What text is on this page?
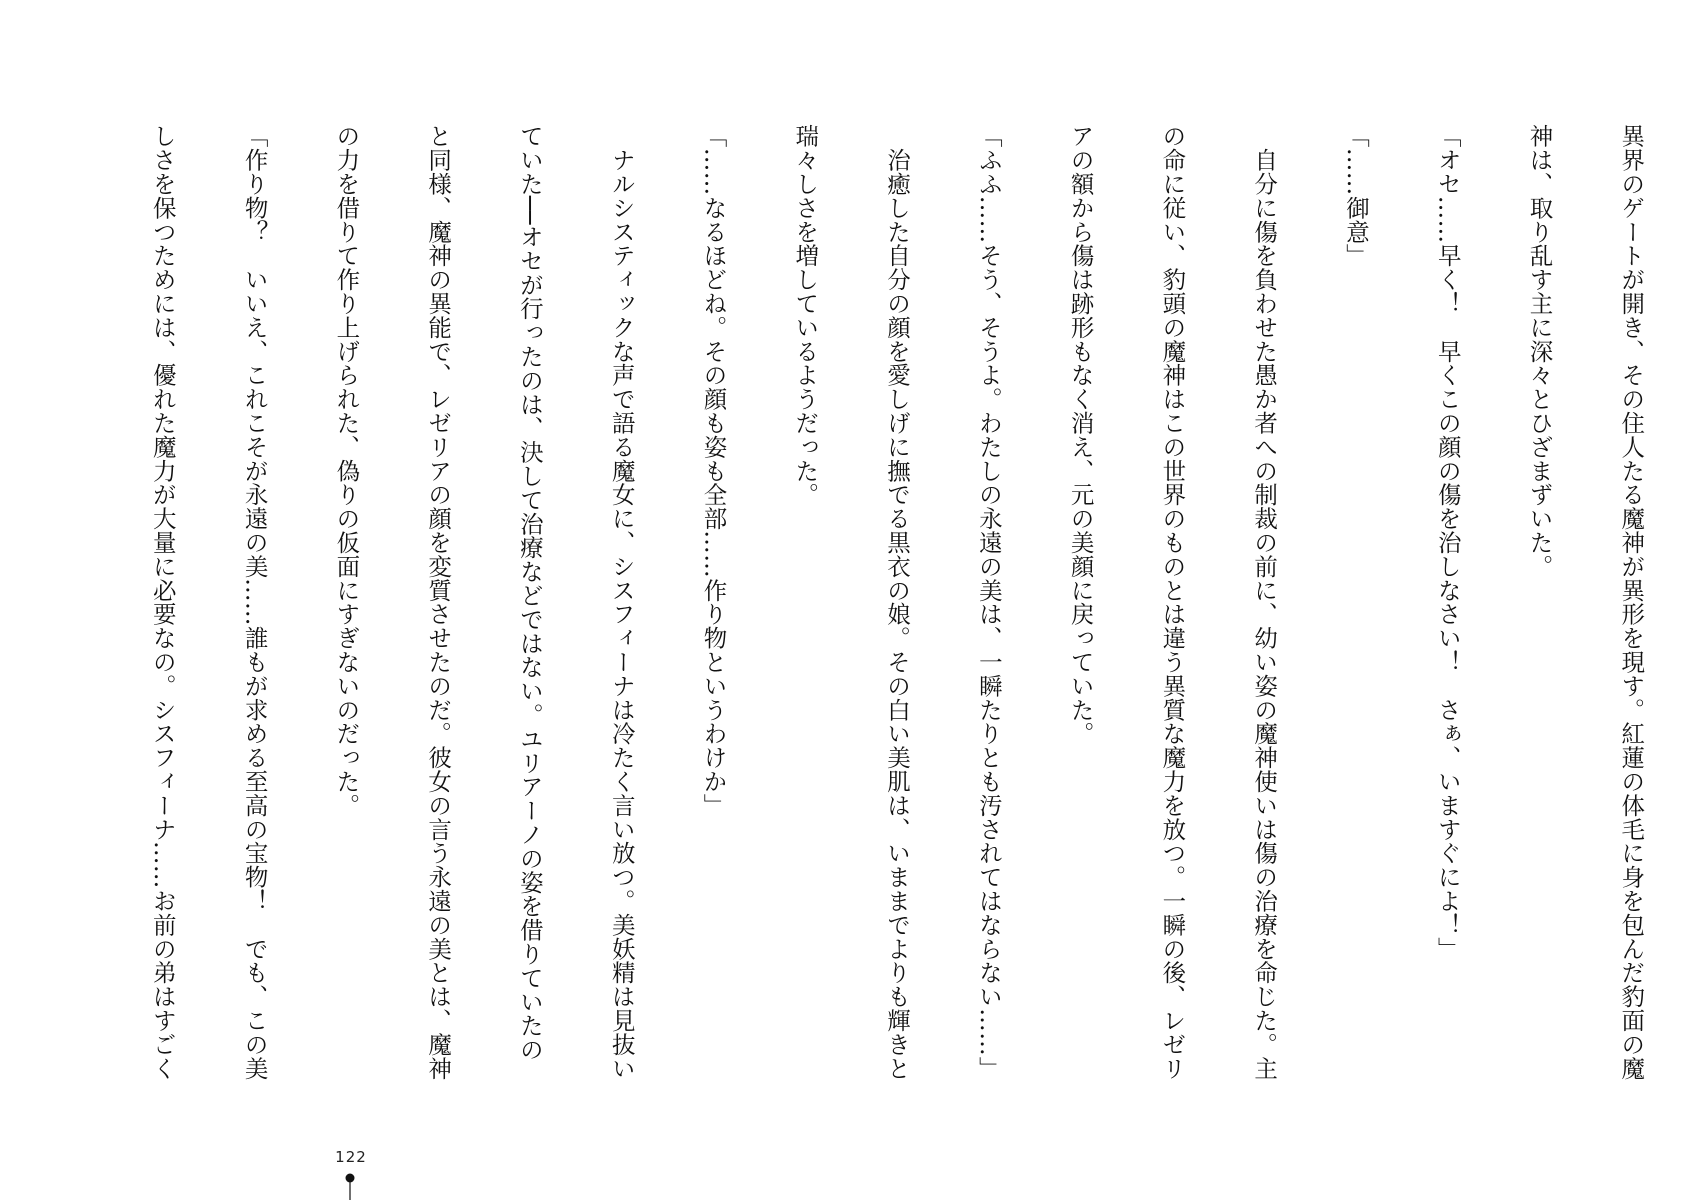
異界のゲートが開き、その住人たる魔神が異形を現す。紅蓮の体毛に身を包んだ豹面の魔

神は、取り乱す主に深々とひざまずいた。

「オセ……早く！　早くこの顔の傷を治しなさい！　さぁ、いますぐによ！」

「……御意」

　自分に傷を負わせた愚か者への制裁の前に、幼い姿の魔神使いは傷の治療を命じた。主

の命に従い、豹頭の魔神はこの世界のものとは違う異質な魔力を放つ。一瞬の後、レゼリ

アの額から傷は跡形もなく消え、元の美顔に戻っていた。

「ふふ……そう、そうよ。わたしの永遠の美は、一瞬たりとも汚されてはならない……」

　治癒した自分の顔を愛しげに撫でる黒衣の娘。その白い美肌は、いままでよりも輝きと

瑞々しさを増しているようだった。

「……なるほどね。その顔も姿も全部……作り物というわけか」

　ナルシスティックな声で語る魔女に、シスフィーナは冷たく言い放つ。美妖精は見抜い

ていた──オセが行ったのは、決して治療などではない。ユリアーノの姿を借りていたの

と同様、魔神の異能で、レゼリアの顔を変質させたのだ。彼女の言う永遠の美とは、魔神

の力を借りて作り上げられた、偽りの仮面にすぎないのだった。

「作り物？　いいえ、これこそが永遠の美……誰もが求める至高の宝物！　でも、この美

しさを保つためには、優れた魔力が大量に必要なの。シスフィーナ……お前の弟はすごく

122
